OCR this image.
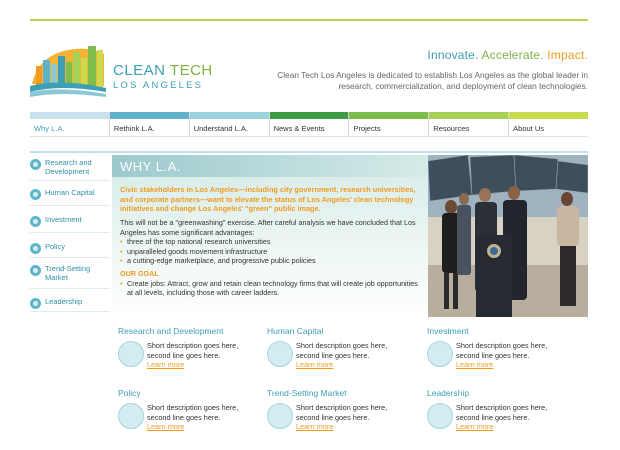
CLEAN TECH
LOS ANGELES
Innovate. Accelerate. Impact.
Clean Tech Los Angeles is dedicated to establish Los Angeles as the global leader in research, commercialization, and deployment of clean technologies.
Why L.A.	Rethink L.A.	Understand L.A.	News & Events	Projects	Resources	About Us
Research and Development
Human Capital
Investment
Policy
Trend-Setting Market
Leadership
WHY L.A.
Civic stakeholders in Los Angeles—including city government, research universities, and corporate partners—want to elevate the status of Los Angeles' clean technology initiatives and change Los Angeles' "green" public image.
This will not be a "greenwashing" exercise. After careful analysis we have concluded that Los Angeles has some significant advantages:
• three of the top national research universities
• unparalleled goods movement infrastructure
• a cutting-edge marketplace, and progressive public policies
OUR GOAL
• Create jobs: Attract, grow and retain clean technology firms that will create job opportunities at all levels, including those with career ladders.
Research and Development
Short description goes here,
second line goes here.
Learn more
Human Capital
Short description goes here,
second line goes here.
Learn more
Investment
Short description goes here,
second line goes here.
Learn more
Policy
Short description goes here,
second line goes here.
Learn more
Trend-Setting Market
Short description goes here,
second line goes here.
Learn more
Leadership
Short description goes here,
second line goes here.
Learn more
